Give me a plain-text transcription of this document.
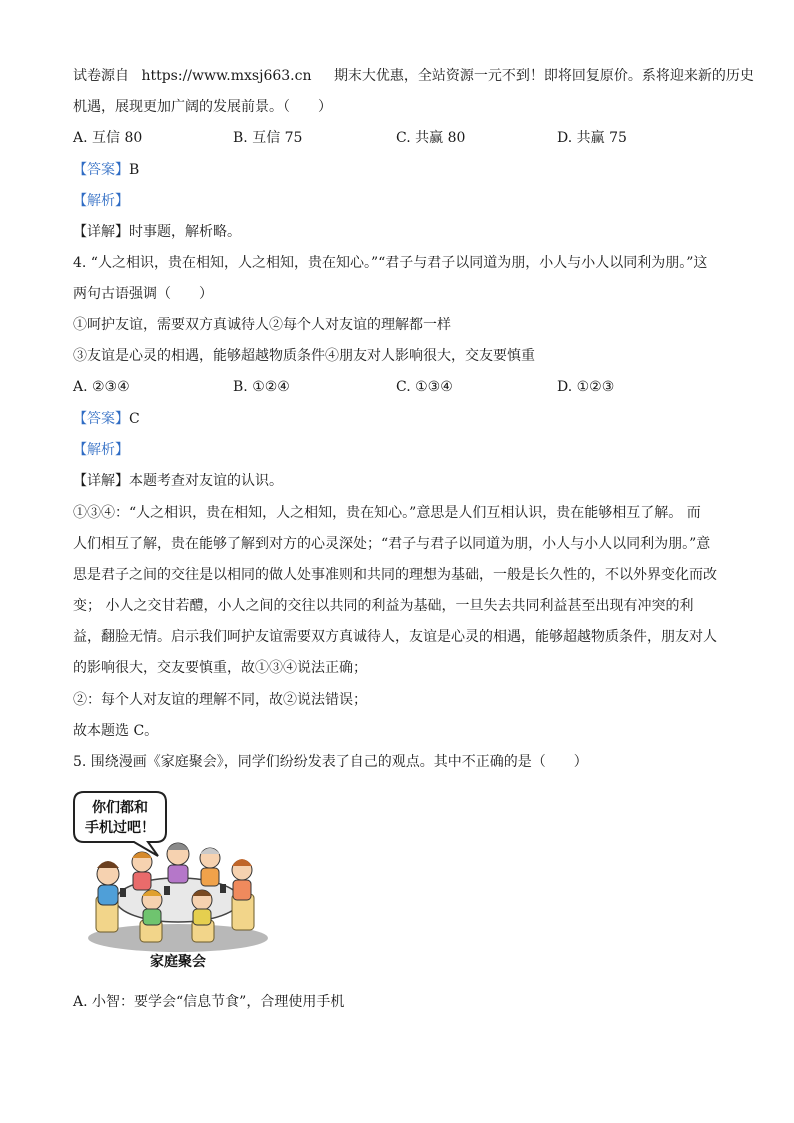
试卷源自 https://www.mxsj663.cn 期末大优惠，全站资源一元不到！即将回复原价。系将迎来新的历史
机遇，展现更加广阔的发展前景。（　　）
A. 互信 80	B. 互信 75	C. 共赢 80	D. 共赢 75
【答案】B
【解析】
【详解】时事题，解析略。
4. “人之相识，贵在相知，人之相知，贵在知心。”“君子与君子以同道为朋，小人与小人以同利为朋。”这
两句古语强调（　　）
①呵护友谊，需要双方真诚待人②每个人对友谊的理解都一样
③友谊是心灵的相遇，能够超越物质条件④朋友对人影响很大，交友要慎重
A. ②③④	B. ①②④	C. ①③④	D. ①②③
【答案】C
【解析】
【详解】本题考查对友谊的认识。
①③④：“人之相识，贵在相知，人之相知，贵在知心。”意思是人们互相认识，贵在能够相互了解。 而
人们相互了解，贵在能够了解到对方的心灵深处；“君子与君子以同道为朋，小人与小人以同利为朋。”意
思是君子之间的交往是以相同的做人处事准则和共同的理想为基础，一般是长久性的，不以外界变化而改
变； 小人之交甘若醴，小人之间的交往以共同的利益为基础，一旦失去共同利益甚至出现有冲突的利
益，翻脸无情。启示我们呵护友谊需要双方真诚待人，友谊是心灵的相遇，能够超越物质条件，朋友对人
的影响很大，交友要慎重，故①③④说法正确；
②：每个人对友谊的理解不同，故②说法错误；
故本题选 C。
5. 围绕漫画《家庭聚会》，同学们纷纷发表了自己的观点。其中不正确的是（　　）
你们都和
手机过吧！
家庭聚会
A. 小智：要学会“信息节食”，合理使用手机
